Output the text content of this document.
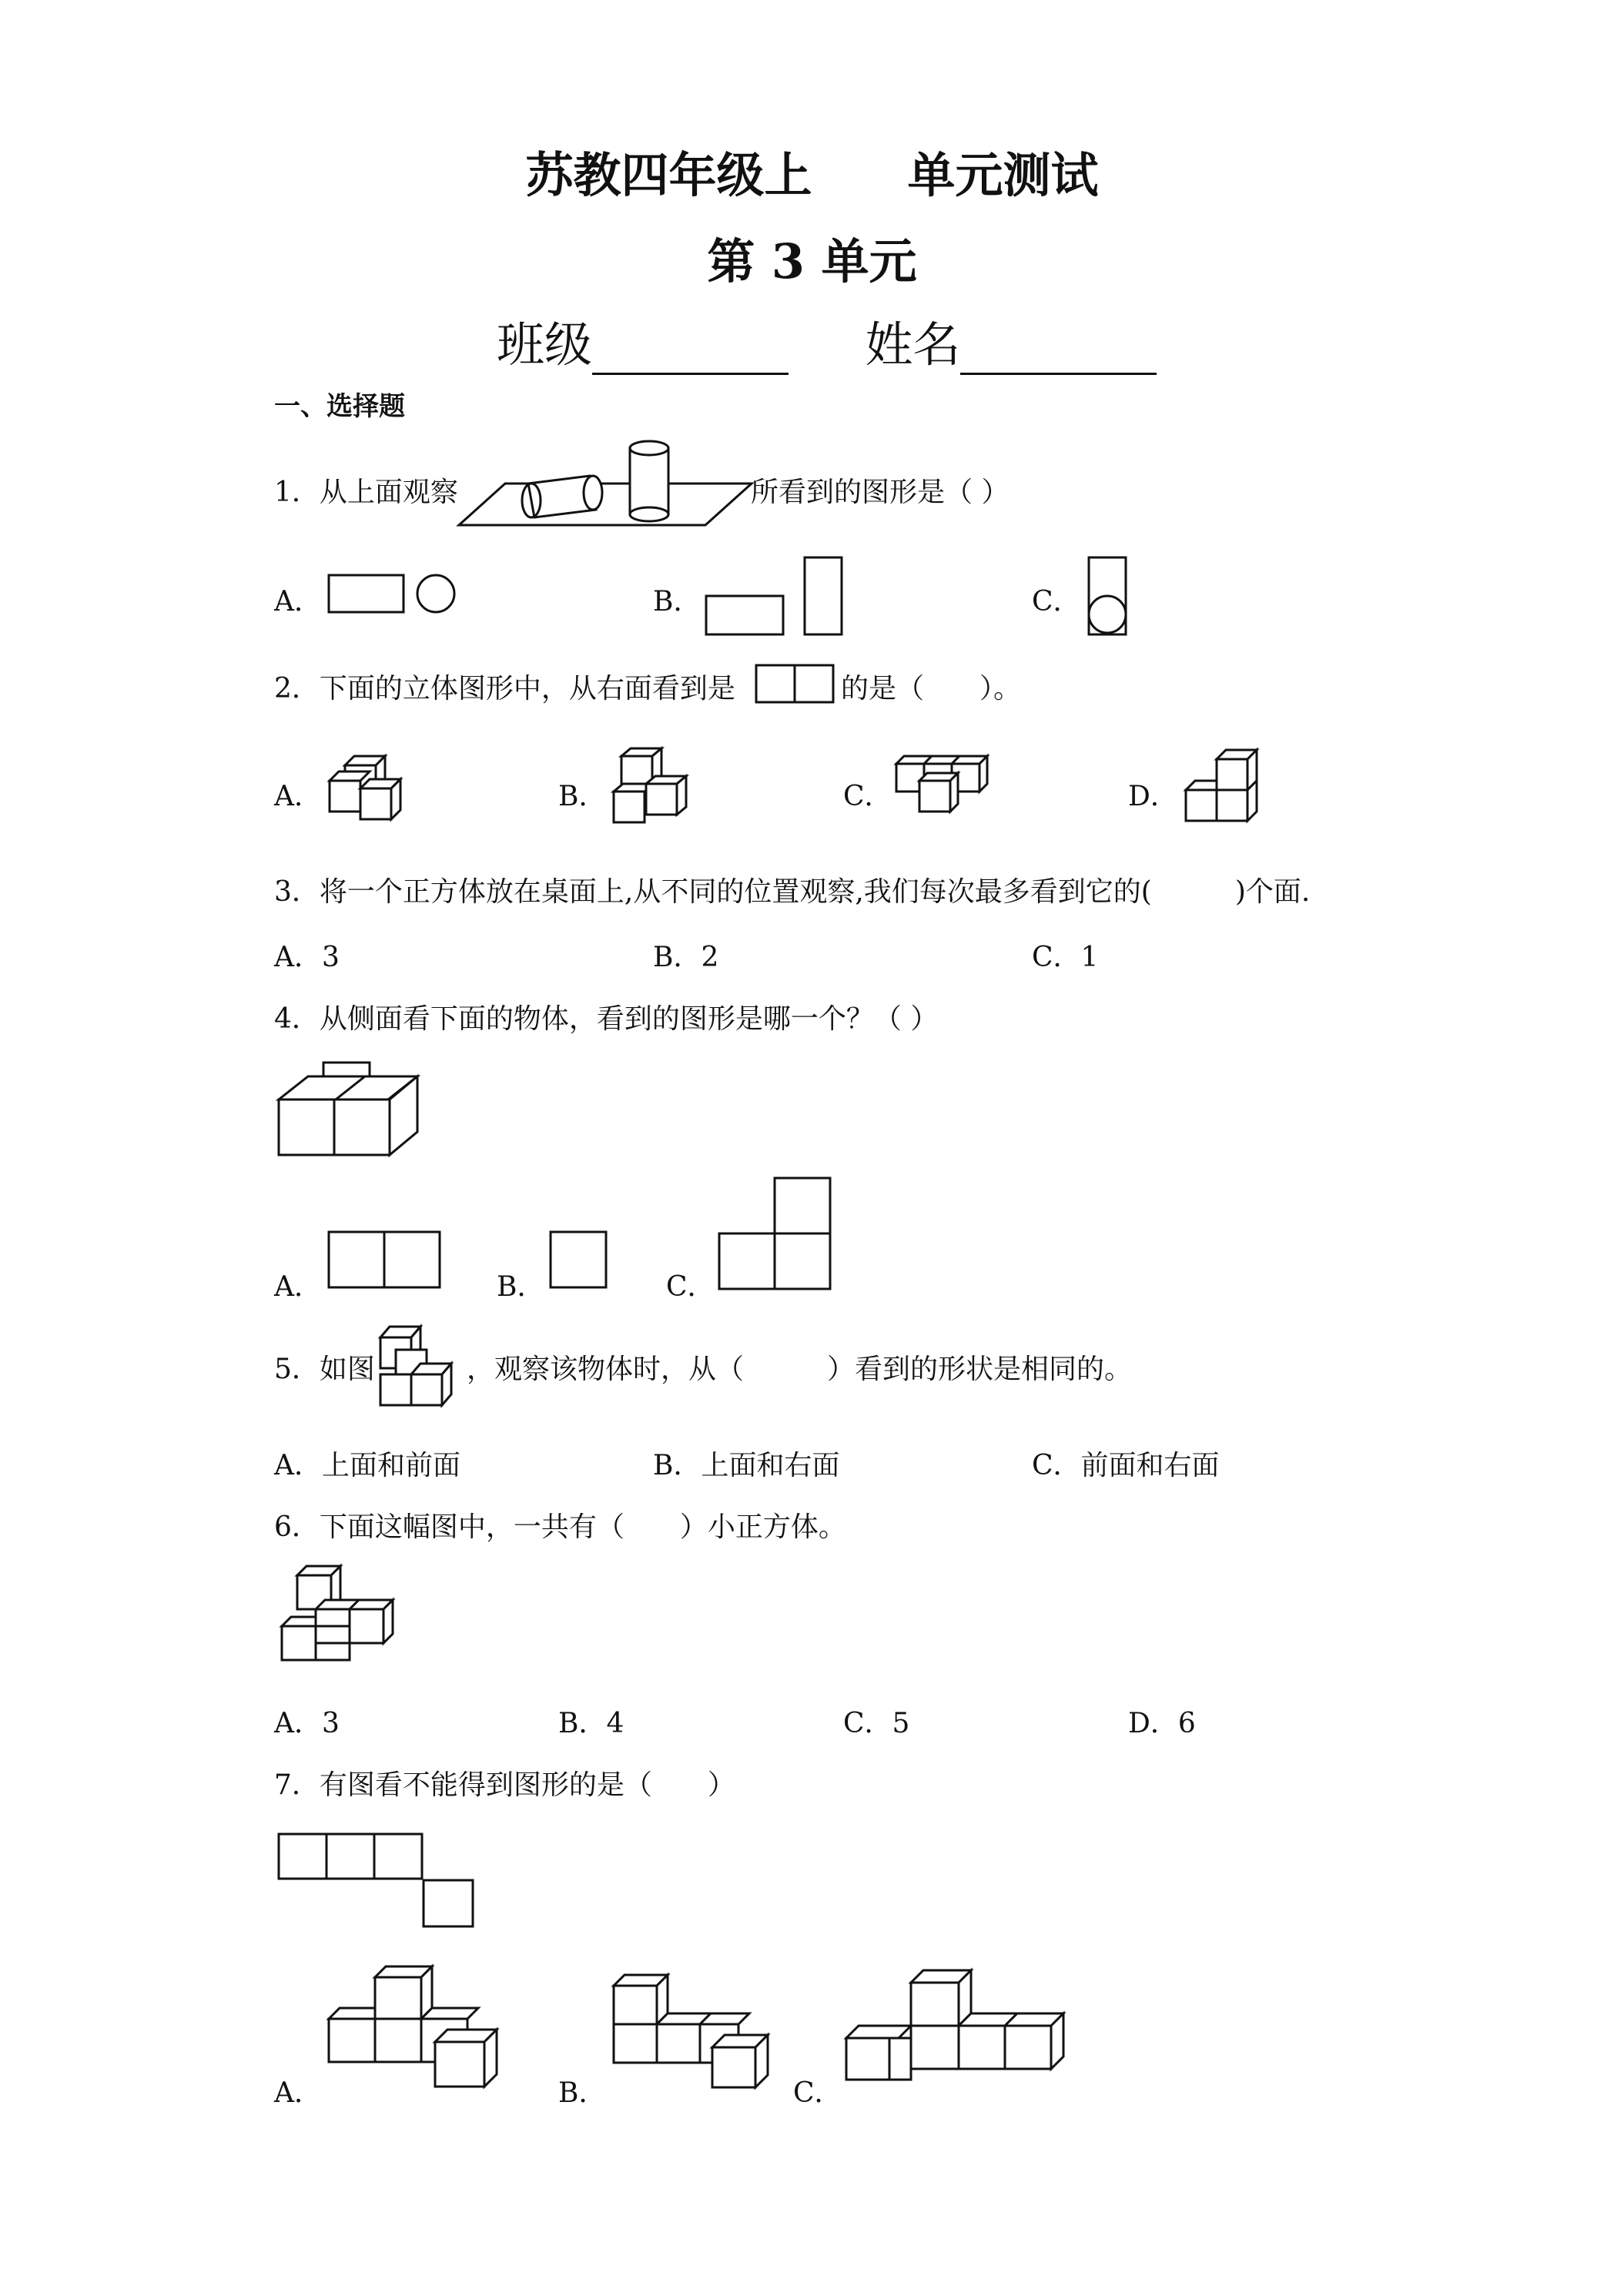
苏教四年级上　　单元测试
第 3 单元
班级	姓名
一、选择题
1．从上面观察	所看到的图形是（ ）
A．	B．	C．
2．下面的立体图形中，从右面看到是	的是（　　）。
A．	B．	C．	D．
3．将一个正方体放在桌面上,从不同的位置观察,我们每次最多看到它的(　　　)个面.
A．3	B．2	C．1
4．从侧面看下面的物体，看到的图形是哪一个？（ ）
A．	B．	C．
5．如图	，观察该物体时，从（　　　）看到的形状是相同的。
A．上面和前面	B．上面和右面	C．前面和右面
6．下面这幅图中，一共有（　　）小正方体。
A．3	B．4	C．5	D．6
7．有图看不能得到图形的是（　　）
A．	B．	C．
